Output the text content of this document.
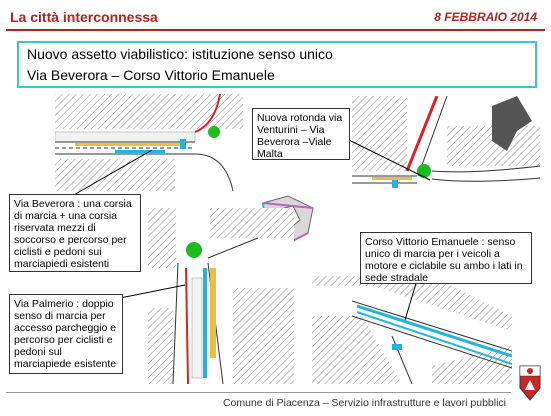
La città interconnessa	8 FEBBRAIO 2014
Nuovo assetto viabilistico: istituzione senso unico
Via Beverora – Corso Vittorio Emanuele
Nuova rotonda via Venturini – Via Beverora –Viale Malta
Via Beverora : una corsia di marcia + una corsia riservata mezzi di soccorso e percorso per ciclisti e pedoni sui marciapiedi esistenti
Corso Vittorio Emanuele : senso unico di marcia per i veicoli a motore e ciclabile su ambo i lati in sede stradale
Via Palmerio : doppio senso di marcia per accesso parcheggio e percorso per ciclisti e pedoni sul marciapiede esistente
Comune di Piacenza – Servizio infrastrutture e lavori pubblici
